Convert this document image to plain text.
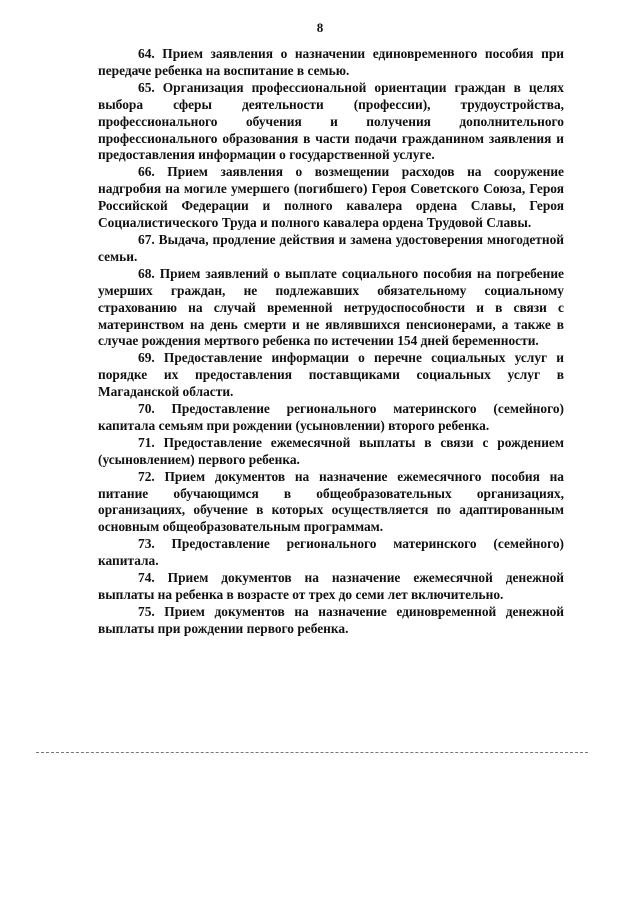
8

64. Прием заявления о назначении единовременного пособия при передаче ребенка на воспитание в семью.

65. Организация профессиональной ориентации граждан в целях выбора сферы деятельности (профессии), трудоустройства, профессионального обучения и получения дополнительного профессионального образования в части подачи гражданином заявления и предоставления информации о государственной услуге.

66. Прием заявления о возмещении расходов на сооружение надгробия на могиле умершего (погибшего) Героя Советского Союза, Героя Российской Федерации и полного кавалера ордена Славы, Героя Социалистического Труда и полного кавалера ордена Трудовой Славы.

67. Выдача, продление действия и замена удостоверения многодетной семьи.

68. Прием заявлений о выплате социального пособия на погребение умерших граждан, не подлежавших обязательному социальному страхованию на случай временной нетрудоспособности и в связи с материнством на день смерти и не являвшихся пенсионерами, а также в случае рождения мертвого ребенка по истечении 154 дней беременности.

69. Предоставление информации о перечне социальных услуг и порядке их предоставления поставщиками социальных услуг в Магаданской области.

70. Предоставление регионального материнского (семейного) капитала семьям при рождении (усыновлении) второго ребенка.

71. Предоставление ежемесячной выплаты в связи с рождением (усыновлением) первого ребенка.

72. Прием документов на назначение ежемесячного пособия на питание обучающимся в общеобразовательных организациях, организациях, обучение в которых осуществляется по адаптированным основным общеобразовательным программам.

73. Предоставление регионального материнского (семейного) капитала.

74. Прием документов на назначение ежемесячной денежной выплаты на ребенка в возрасте от трех до семи лет включительно.

75. Прием документов на назначение единовременной денежной выплаты при рождении первого ребенка.
